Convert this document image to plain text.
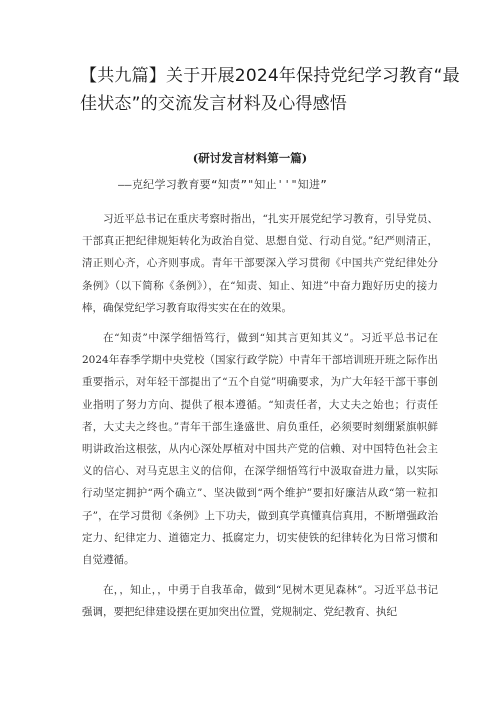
【共九篇】关于开展2024年保持党纪学习教育“最佳状态”的交流发言材料及心得感悟
(研讨发言材料第一篇)
——克纪学习教育要“知责”"知止''"知进”

习近平总书记在重庆考察时指出，“扎实开展党纪学习教育，引导党员、干部真正把纪律规矩转化为政治自觉、思想自觉、行动自觉。”纪严则清正，清正则心齐，心齐则事成。青年干部要深入学习贯彻《中国共产党纪律处分条例》（以下简称《条例》），在“知责、知止、知进”中奋力跑好历史的接力棒，确保党纪学习教育取得实实在在的效果。

在“知责”中深学细悟笃行，做到“知其言更知其义”。习近平总书记在2024年春季学期中央党校（国家行政学院）中青年干部培训班开班之际作出重要指示，对年轻干部提出了“五个自觉”明确要求，为广大年轻干部干事创业指明了努力方向、提供了根本遵循。“知责任者，大丈夫之始也；行责任者，大丈夫之终也。”青年干部生逢盛世、肩负重任，必须要时刻绷紧旗帜鲜明讲政治这根弦，从内心深处厚植对中国共产党的信赖、对中国特色社会主义的信心、对马克思主义的信仰，在深学细悟笃行中汲取奋进力量，以实际行动坚定拥护“两个确立”、坚决做到“两个维护”要扣好廉洁从政“第一粒扣子”，在学习贯彻《条例》上下功夫，做到真学真懂真信真用，不断增强政治定力、纪律定力、道德定力、抵腐定力，切实使铁的纪律转化为日常习惯和自觉遵循。

在，，知止，，中勇于自我革命，做到“见树木更见森林”。习近平总书记强调，要把纪律建设摆在更加突出位置，党规制定、党纪教育、执纪
